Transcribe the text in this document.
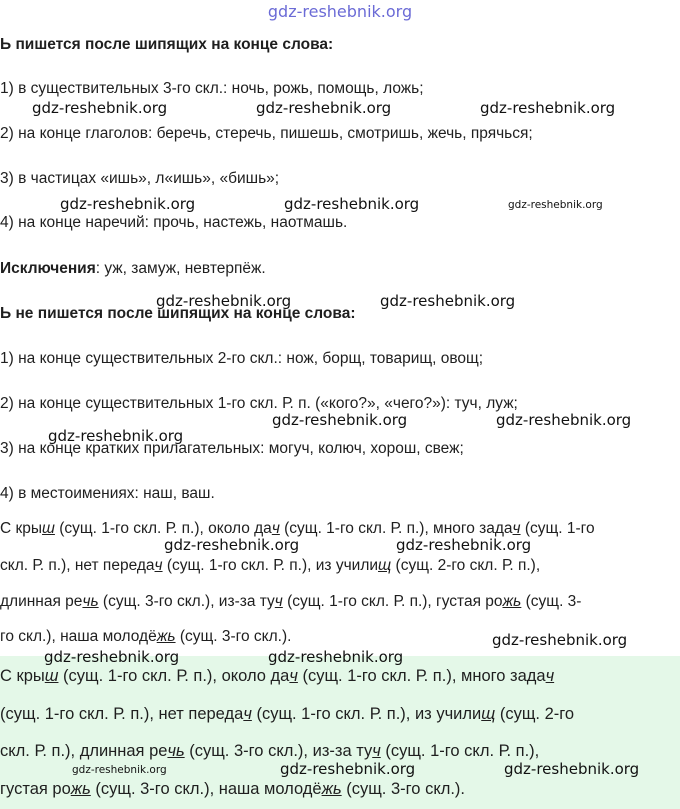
gdz-reshebnik.org
Ь пишется после шипящих на конце слова:
1) в существительных 3-го скл.: ночь, рожь, помощь, ложь;
2) на конце глаголов: беречь, стеречь, пишешь, смотришь, жечь, прячься;
3) в частицах «ишь», л«ишь», «бишь»;
4) на конце наречий: прочь, настежь, наотмашь.
Исключения: уж, замуж, невтерпёж.
Ь не пишется после шипящих на конце слова:
1) на конце существительных 2-го скл.: нож, борщ, товарищ, овощ;
2) на конце существительных 1-го скл. Р. п. («кого?», «чего?»): туч, луж;
3) на конце кратких прилагательных: могуч, колюч, хорош, свеж;
4) в местоимениях: наш, ваш.
С крыш (сущ. 1-го скл. Р. п.), около дач (сущ. 1-го скл. Р. п.), много задач (сущ. 1-го
скл. Р. п.), нет передач (сущ. 1-го скл. Р. п.), из училищ (сущ. 2-го скл. Р. п.),
длинная речь (сущ. 3-го скл.), из-за туч (сущ. 1-го скл. Р. п.), густая рожь (сущ. 3-
го скл.), наша молодёжь (сущ. 3-го скл.).
С крыш (сущ. 1-го скл. Р. п.), около дач (сущ. 1-го скл. Р. п.), много задач
(сущ. 1-го скл. Р. п.), нет передач (сущ. 1-го скл. Р. п.), из училищ (сущ. 2-го
скл. Р. п.), длинная речь (сущ. 3-го скл.), из-за туч (сущ. 1-го скл. Р. п.),
густая рожь (сущ. 3-го скл.), наша молодёжь (сущ. 3-го скл.).
gdz-reshebnik.org	gdz-reshebnik.org	gdz-reshebnik.org
gdz-reshebnik.org	gdz-reshebnik.org	gdz-reshebnik.org
gdz-reshebnik.org	gdz-reshebnik.org
gdz-reshebnik.org	gdz-reshebnik.org
gdz-reshebnik.org
gdz-reshebnik.org	gdz-reshebnik.org
gdz-reshebnik.org
gdz-reshebnik.org	gdz-reshebnik.org
gdz-reshebnik.org	gdz-reshebnik.org	gdz-reshebnik.org
